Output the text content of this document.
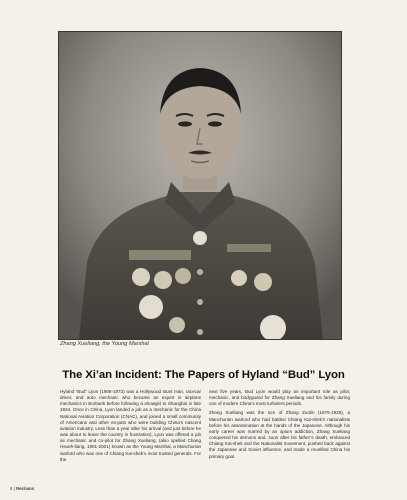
Zhang Xueliang, the Young Marshal
The Xi’an Incident: The Papers of Hyland “Bud” Lyon

Hyland “Bud” Lyon (1908-1973) was a Hollywood stunt man, racecar driver, and auto mechanic who became an expert in airplane mechanics in Burbank before following a showgirl to Shanghai in late 1934. Once in China, Lyon landed a job as a mechanic for the China National Aviation Corporation (CNAC), and joined a small community of Americans and other ex-pats who were building China’s nascent aviation industry. Less than a year after his arrival (and just before he was about to leave the country in frustration), Lyon was offered a job as mechanic and co-pilot for Zhang Xueliang, (also spelled Chang Hsueh-liang, 1901-2001) known as the Young Marshal, a Manchurian warlord who was one of Chiang Kai-shek’s most trusted generals. For the

next five years, Bud Lyon would play an important role as pilot, mechanic, and bodyguard for Zhang Xueliang and his family during one of modern China’s most turbulent periods.

Zhang Xueliang was the son of Zhang Zuolin (1875-1928), a Manchurian warlord who had battled Chiang Kai-shek’s nationalists before his assassination at the hands of the Japanese. Although his early career was marred by an opium addiction, Zhang Xueliang conquered his demons and, soon after his father’s death, embraced Chiang Kai-shek and the Nationalist movement, pushed back against the Japanese and Soviet influence, and made a reunified China his primary goal.

8 | Reclams
